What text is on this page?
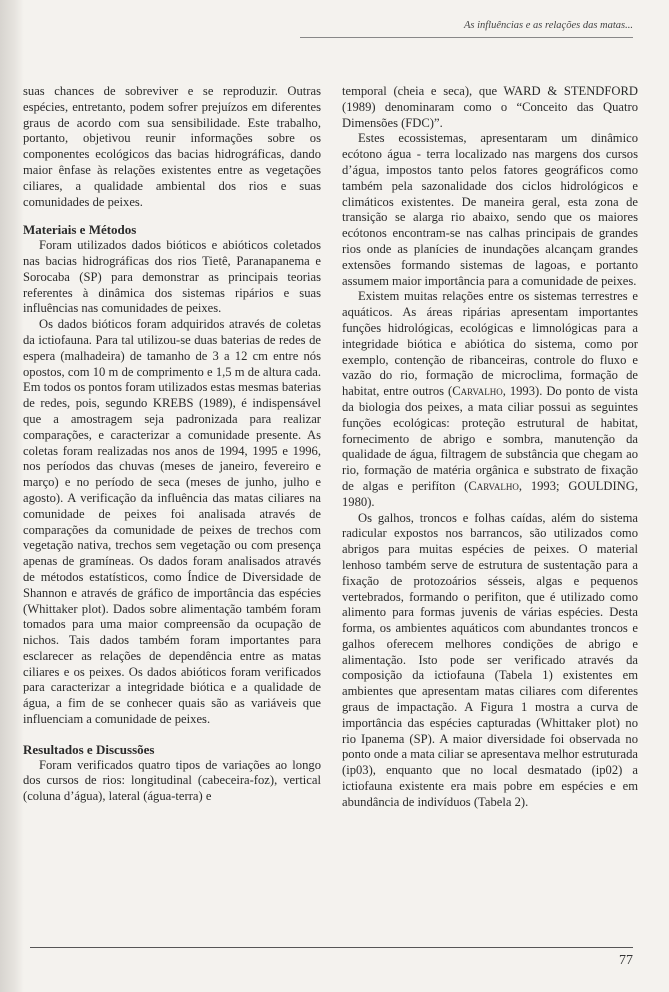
As influências e as relações das matas...

suas chances de sobreviver e se reproduzir. Outras espécies, entretanto, podem sofrer prejuízos em diferentes graus de acordo com sua sensibilidade. Este trabalho, portanto, objetivou reunir informações sobre os componentes ecológicos das bacias hidrográficas, dando maior ênfase às relações existentes entre as vegetações ciliares, a qualidade ambiental dos rios e suas comunidades de peixes.

Materiais e Métodos

Foram utilizados dados bióticos e abióticos coletados nas bacias hidrográficas dos rios Tietê, Paranapanema e Sorocaba (SP) para demonstrar as principais teorias referentes à dinâmica dos sistemas ripários e suas influências nas comunidades de peixes.

Os dados bióticos foram adquiridos através de coletas da ictiofauna. Para tal utilizou-se duas baterias de redes de espera (malhadeira) de tamanho de 3 a 12 cm entre nós opostos, com 10 m de comprimento e 1,5 m de altura cada. Em todos os pontos foram utilizados estas mesmas baterias de redes, pois, segundo KREBS (1989), é indispensável que a amostragem seja padronizada para realizar comparações, e caracterizar a comunidade presente. As coletas foram realizadas nos anos de 1994, 1995 e 1996, nos períodos das chuvas (meses de janeiro, fevereiro e março) e no período de seca (meses de junho, julho e agosto). A verificação da influência das matas ciliares na comunidade de peixes foi analisada através de comparações da comunidade de peixes de trechos com vegetação nativa, trechos sem vegetação ou com presença apenas de gramíneas. Os dados foram analisados através de métodos estatísticos, como Índice de Diversidade de Shannon e através de gráfico de importância das espécies (Whittaker plot). Dados sobre alimentação também foram tomados para uma maior compreensão da ocupação de nichos. Tais dados também foram importantes para esclarecer as relações de dependência entre as matas ciliares e os peixes. Os dados abióticos foram verificados para caracterizar a integridade biótica e a qualidade de água, a fim de se conhecer quais são as variáveis que influenciam a comunidade de peixes.

Resultados e Discussões

Foram verificados quatro tipos de variações ao longo dos cursos de rios: longitudinal (cabeceira-foz), vertical (coluna d’água), lateral (água-terra) e

temporal (cheia e seca), que WARD & STENDFORD (1989) denominaram como o “Conceito das Quatro Dimensões (FDC)”.

Estes ecossistemas, apresentaram um dinâmico ecótono água - terra localizado nas margens dos cursos d’água, impostos tanto pelos fatores geográficos como também pela sazonalidade dos ciclos hidrológicos e climáticos existentes. De maneira geral, esta zona de transição se alarga rio abaixo, sendo que os maiores ecótonos encontram-se nas calhas principais de grandes rios onde as planícies de inundações alcançam grandes extensões formando sistemas de lagoas, e portanto assumem maior importância para a comunidade de peixes.

Existem muitas relações entre os sistemas terrestres e aquáticos. As áreas ripárias apresentam importantes funções hidrológicas, ecológicas e limnológicas para a integridade biótica e abiótica do sistema, como por exemplo, contenção de ribanceiras, controle do fluxo e vazão do rio, formação de microclima, formação de habitat, entre outros (Carvalho, 1993). Do ponto de vista da biologia dos peixes, a mata ciliar possui as seguintes funções ecológicas: proteção estrutural de habitat, fornecimento de abrigo e sombra, manutenção da qualidade de água, filtragem de substância que chegam ao rio, formação de matéria orgânica e substrato de fixação de algas e perifíton (Carvalho, 1993; GOULDING, 1980).

Os galhos, troncos e folhas caídas, além do sistema radicular expostos nos barrancos, são utilizados como abrigos para muitas espécies de peixes. O material lenhoso também serve de estrutura de sustentação para a fixação de protozoários sésseis, algas e pequenos vertebrados, formando o perifiton, que é utilizado como alimento para formas juvenis de várias espécies. Desta forma, os ambientes aquáticos com abundantes troncos e galhos oferecem melhores condições de abrigo e alimentação. Isto pode ser verificado através da composição da ictiofauna (Tabela 1) existentes em ambientes que apresentam matas ciliares com diferentes graus de impactação. A Figura 1 mostra a curva de importância das espécies capturadas (Whittaker plot) no rio Ipanema (SP). A maior diversidade foi observada no ponto onde a mata ciliar se apresentava melhor estruturada (ip03), enquanto que no local desmatado (ip02) a ictiofauna existente era mais pobre em espécies e em abundância de indivíduos (Tabela 2).

77
